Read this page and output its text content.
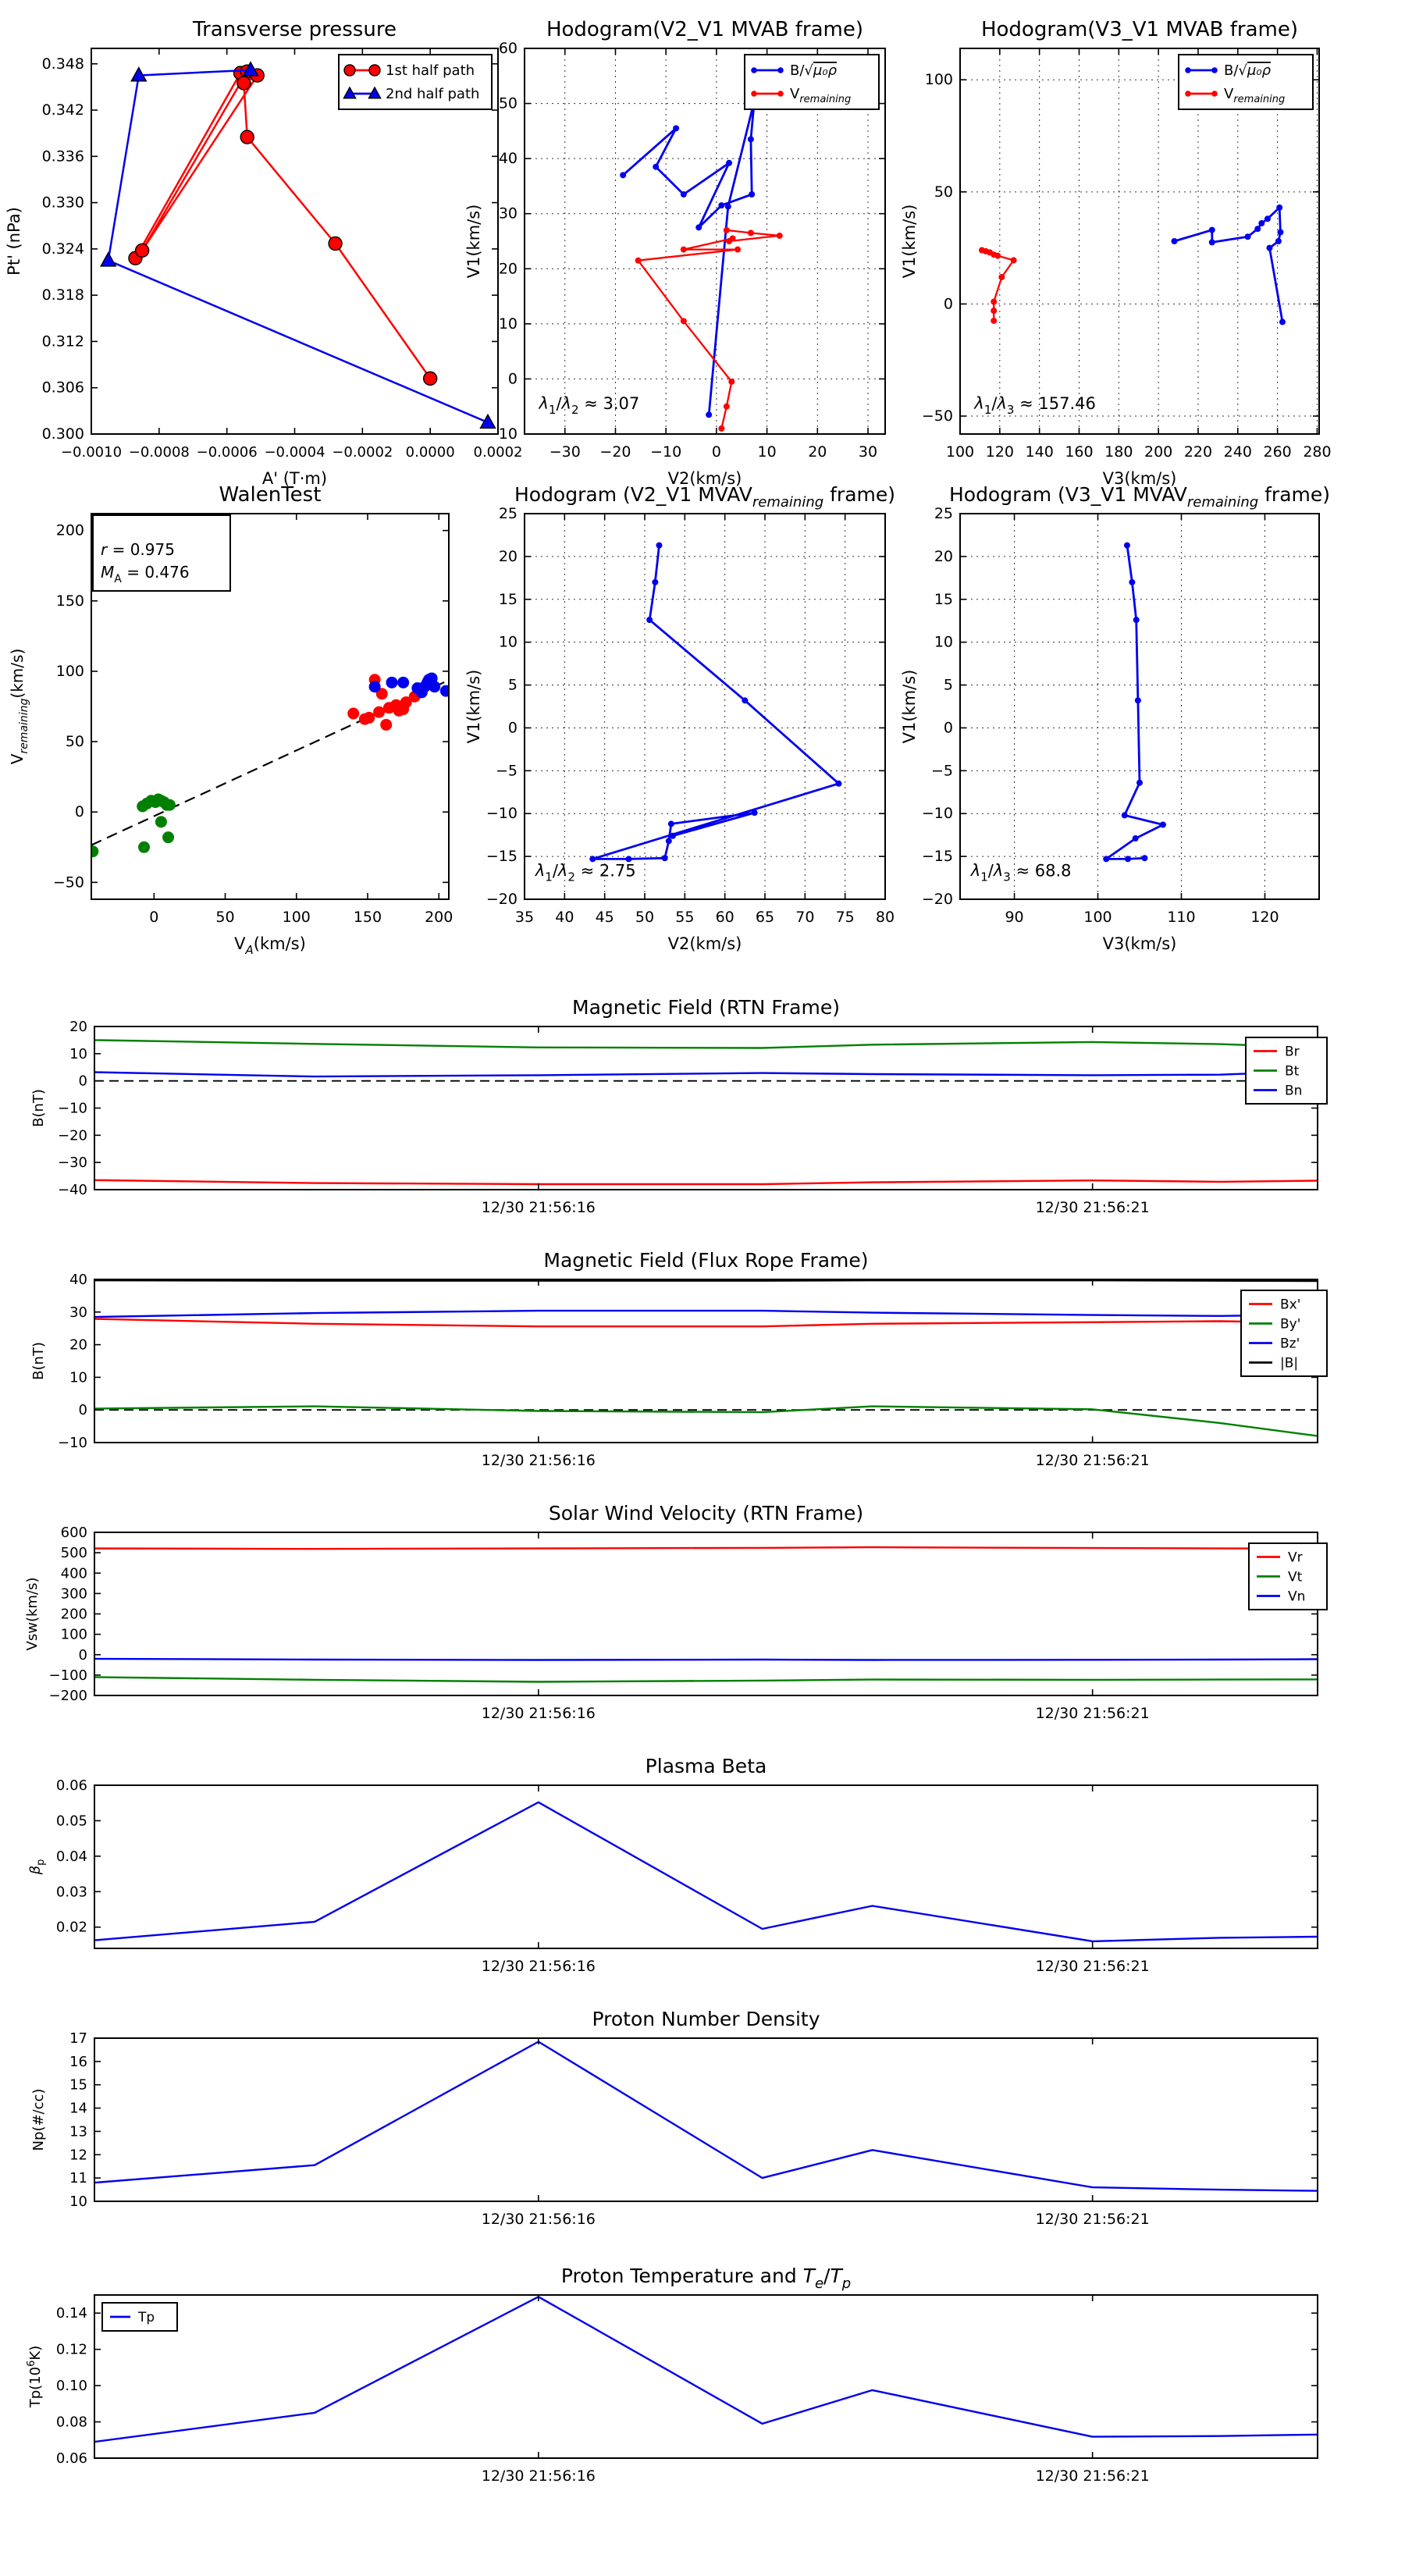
−0.0010 −0.0008 −0.0006 −0.0004 −0.0002 0.0000 0.0002
0.300
0.306
0.312
0.318
0.324
0.330
0.336
0.342
0.348
Transverse pressure
A' (T·m)
Pt' (nPa)
1st half path
2nd half path
−30 −20 −10 0 10 20 30
−10
0
10
20
30
40
50
60
Hodogram(V2_V1 MVAB frame)
V2(km/s)
V1(km/s)
B/√μ₀ρ
$V_{remaining}$
$\lambda_1/\lambda_2 \approx 3.07$
100 120 140 160 180 200 220 240 260 280
−50
0
50
100
Hodogram(V3_V1 MVAB frame)
V3(km/s)
V1(km/s)
B/√μ₀ρ
$V_{remaining}$
$\lambda_1/\lambda_3 \approx 157.46$
0	50	100	150	200
−50
0
50
100
150
200
WalenTest
$V_A(km/s)$
$V_{remaining}(km/s)$
r = 0.975
$M_A = 0.476$
35 40 45 50 55 60 65 70 75 80
−20
−15
−10
−5
0
5
10
15
20
25
Hodogram (V2_V1 $MVAV_{remaining}$ frame)
V2(km/s)
V1(km/s)
$\lambda_1/\lambda_2 \approx 2.75$
90	100	110	120
−20
−15
−10
−5
0
5
10
15
20
25
Hodogram (V3_V1 $MVAV_{remaining}$ frame)
V3(km/s)
V1(km/s)
$\lambda_1/\lambda_3 \approx 68.8$
12/30 21:56:16	12/30 21:56:21
−40
−30
−20
−10
0
10
20
Magnetic Field (RTN Frame)
B(nT)
Br
Bt
Bn
12/30 21:56:16	12/30 21:56:21
−10
0
10
20
30
40
Magnetic Field (Flux Rope Frame)
B(nT)
Bx'
By'
Bz'
|B|
12/30 21:56:16	12/30 21:56:21
−200
−100
0
100
200
300
400
500
600
Solar Wind Velocity (RTN Frame)
Vsw(km/s)
Vr
Vt
Vn
12/30 21:56:16	12/30 21:56:21
0.02
0.03
0.04
0.05
0.06
Plasma Beta
$\beta_p$
12/30 21:56:16	12/30 21:56:21
10
11
12
13
14
15
16
17
Proton Number Density
Np(#/cc)
12/30 21:56:16	12/30 21:56:21
0.06
0.08
0.10
0.12
0.14
Proton Temperature and $T_e/T_p$
$Tp(10^6K)$
Tp
